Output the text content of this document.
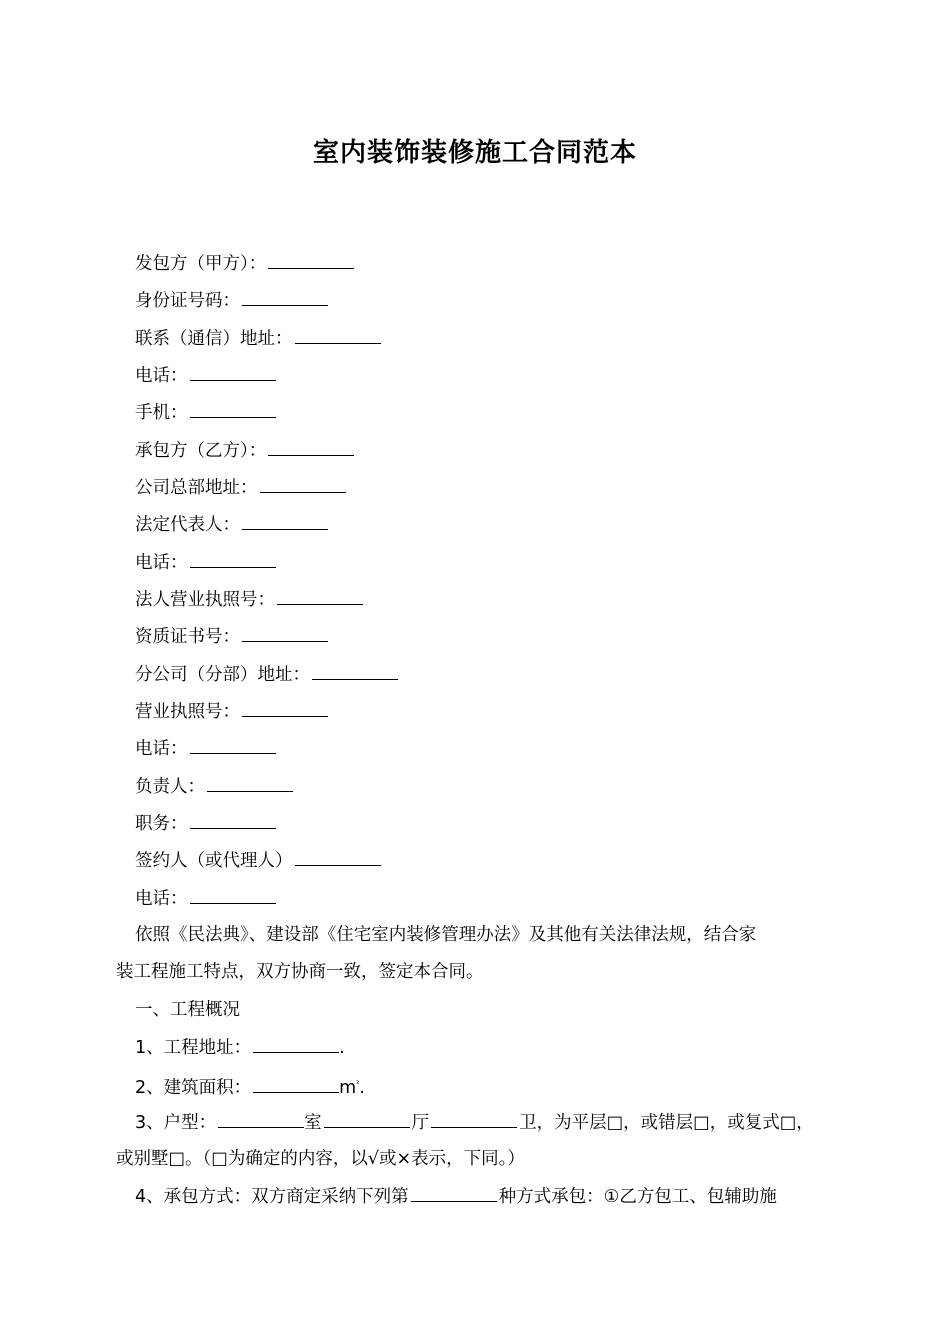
室内装饰装修施工合同范本
发包方（甲方）：
身份证号码：
联系（通信）地址：
电话：
手机：
承包方（乙方）：
公司总部地址：
法定代表人：
电话：
法人营业执照号：
资质证书号：
分公司（分部）地址：
营业执照号：
电话：
负责人：
职务：
签约人（或代理人）
电话：
依照《民法典》、建设部《住宅室内装修管理办法》及其他有关法律法规，结合家
装工程施工特点，双方协商一致，签定本合同。
一、工程概况
1、工程地址：	.
2、建筑面积：	$m^{^2}$.
3、户型：	室	厅	卫，为平层□，或错层□，或复式□，
或别墅□。（□为确定的内容，以√或×表示，下同。）
4、承包方式：双方商定采纳下列第	种方式承包：①乙方包工、包辅助施
